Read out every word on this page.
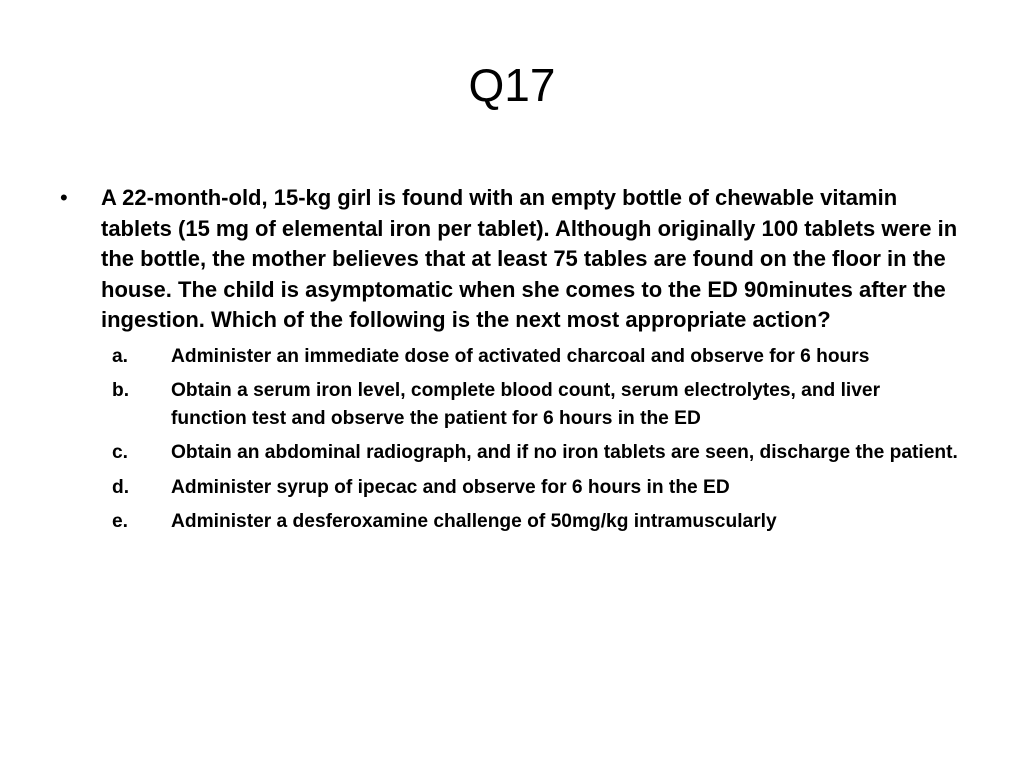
Q17
• A 22-month-old, 15-kg girl is found with an empty bottle of chewable vitamin tablets (15 mg of elemental iron per tablet). Although originally 100 tablets were in the bottle, the mother believes that at least 75 tables are found on the floor in the house. The child is asymptomatic when she comes to the ED 90minutes after the ingestion. Which of the following is the next most appropriate action?
a. Administer an immediate dose of activated charcoal and observe for 6 hours
b. Obtain a serum iron level, complete blood count, serum electrolytes, and liver function test and observe the patient for 6 hours in the ED
c. Obtain an abdominal radiograph, and if no iron tablets are seen, discharge the patient.
d. Administer syrup of ipecac and observe for 6 hours in the ED
e. Administer a desferoxamine challenge of 50mg/kg intramuscularly
